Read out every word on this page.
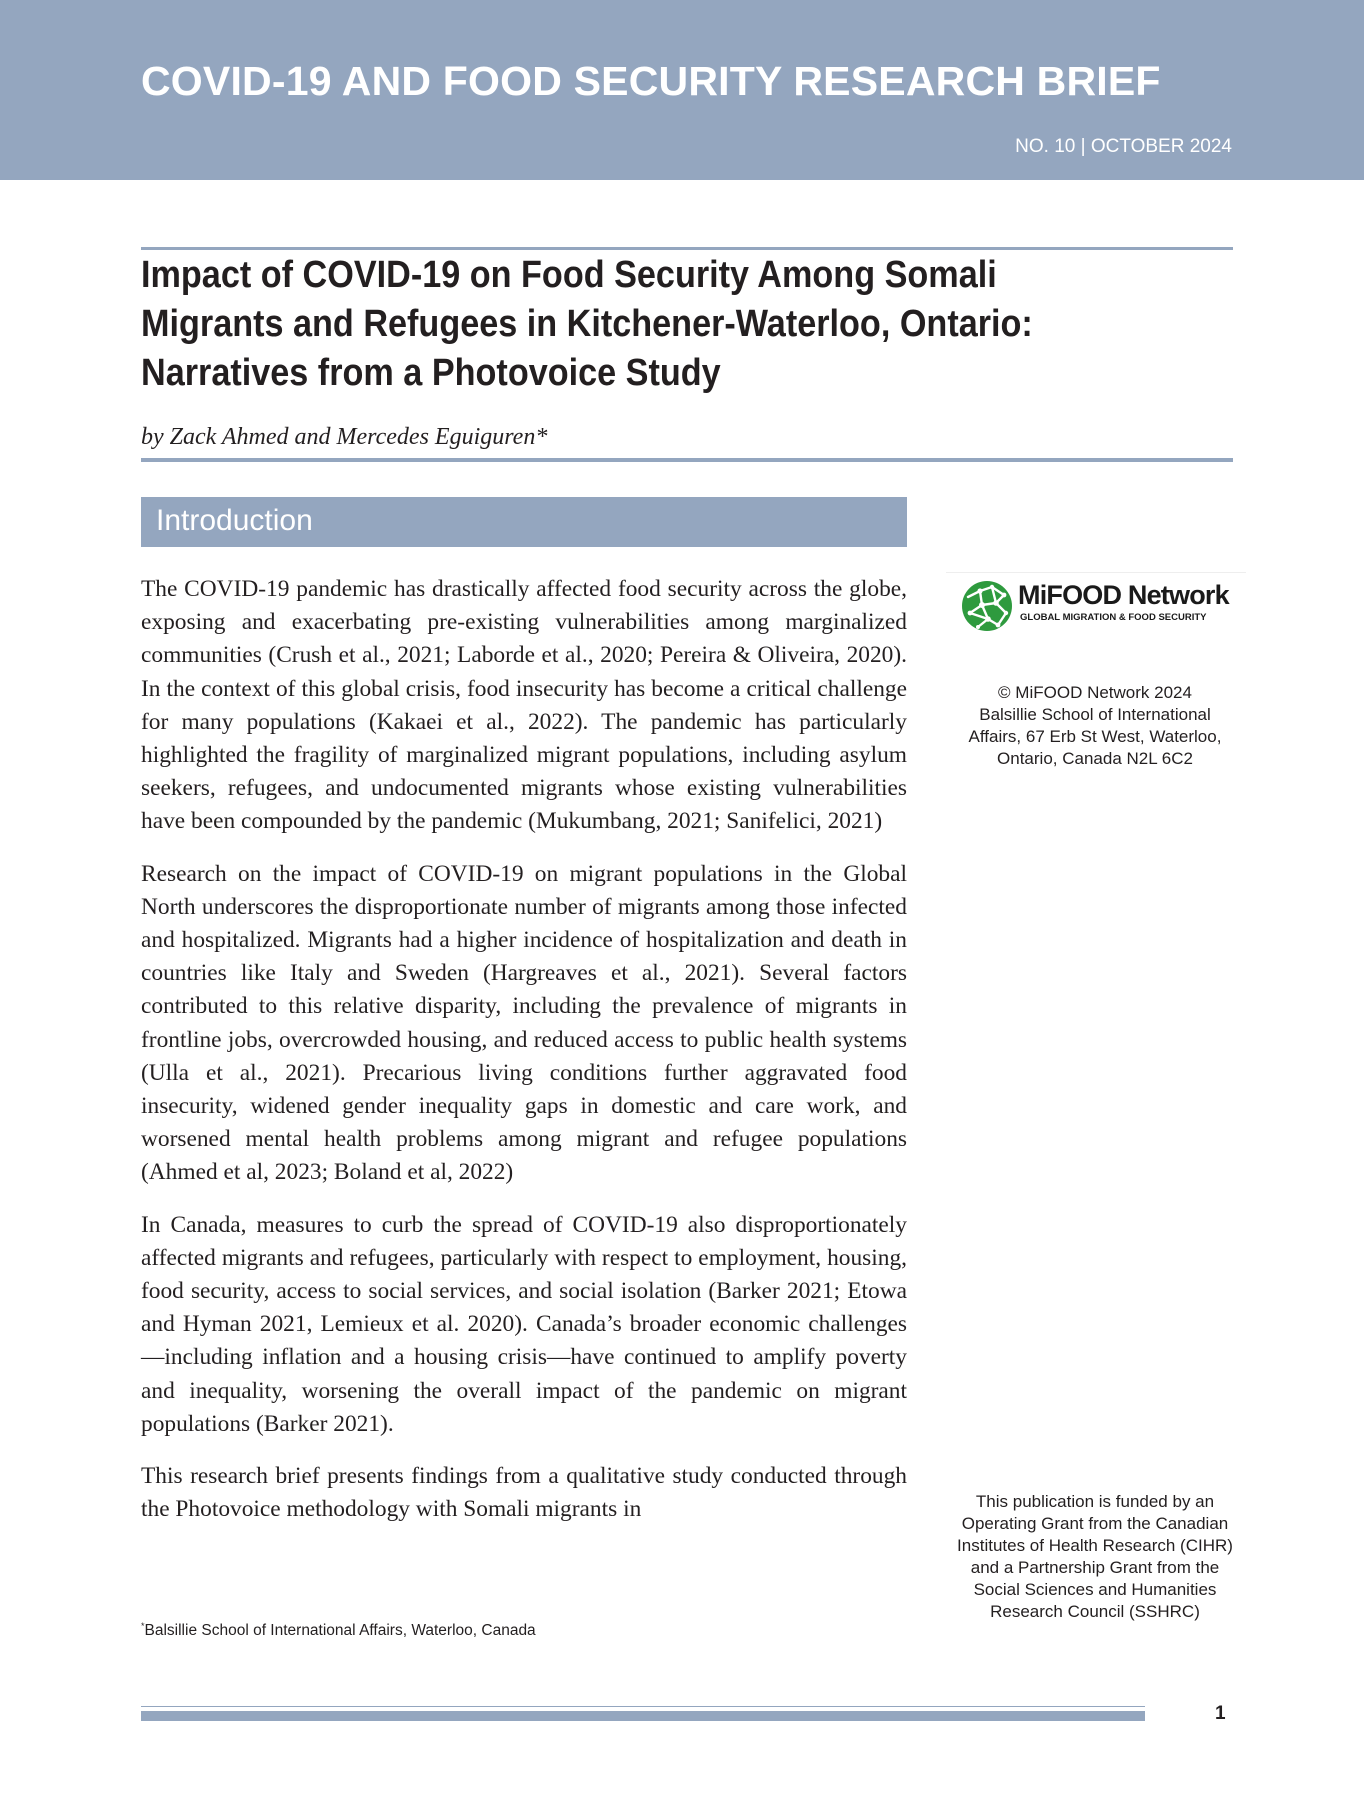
COVID-19 AND FOOD SECURITY RESEARCH BRIEF
NO. 10 | OCTOBER 2024
Impact of COVID-19 on Food Security Among Somali Migrants and Refugees in Kitchener-Waterloo, Ontario: Narratives from a Photovoice Study
by Zack Ahmed and Mercedes Eguiguren*
Introduction

The COVID-19 pandemic has drastically affected food security across the globe, exposing and exacerbating pre-existing vulnerabilities among marginalized communities (Crush et al., 2021; Laborde et al., 2020; Pereira & Oliveira, 2020). In the context of this global crisis, food insecurity has become a critical challenge for many populations (Kakaei et al., 2022). The pandemic has particularly highlighted the fragility of marginalized migrant populations, including asylum seekers, refugees, and undocumented migrants whose existing vulnerabilities have been compounded by the pandemic (Mukumbang, 2021; Sanifelici, 2021)

Research on the impact of COVID-19 on migrant populations in the Global North underscores the disproportionate number of migrants among those infected and hospitalized. Migrants had a higher incidence of hospitalization and death in countries like Italy and Sweden (Hargreaves et al., 2021). Several factors contributed to this relative disparity, including the prevalence of migrants in frontline jobs, overcrowded housing, and reduced access to public health systems (Ulla et al., 2021). Precarious living conditions further aggravated food insecurity, widened gender inequality gaps in domestic and care work, and worsened mental health problems among migrant and refugee populations (Ahmed et al, 2023; Boland et al, 2022)

In Canada, measures to curb the spread of COVID-19 also disproportionately affected migrants and refugees, particularly with respect to employment, housing, food security, access to social services, and social isolation (Barker 2021; Etowa and Hyman 2021, Lemieux et al. 2020). Canada’s broader economic challenges—including inflation and a housing crisis—have continued to amplify poverty and inequality, worsening the overall impact of the pandemic on migrant populations (Barker 2021).

This research brief presents findings from a qualitative study conducted through the Photovoice methodology with Somali migrants in

*Balsillie School of International Affairs, Waterloo, Canada
MiFOOD Network
GLOBAL MIGRATION & FOOD SECURITY
© MiFOOD Network 2024
Balsillie School of International
Affairs, 67 Erb St West, Waterloo,
Ontario, Canada N2L 6C2
This publication is funded by an
Operating Grant from the Canadian
Institutes of Health Research (CIHR)
and a Partnership Grant from the
Social Sciences and Humanities
Research Council (SSHRC)
1
